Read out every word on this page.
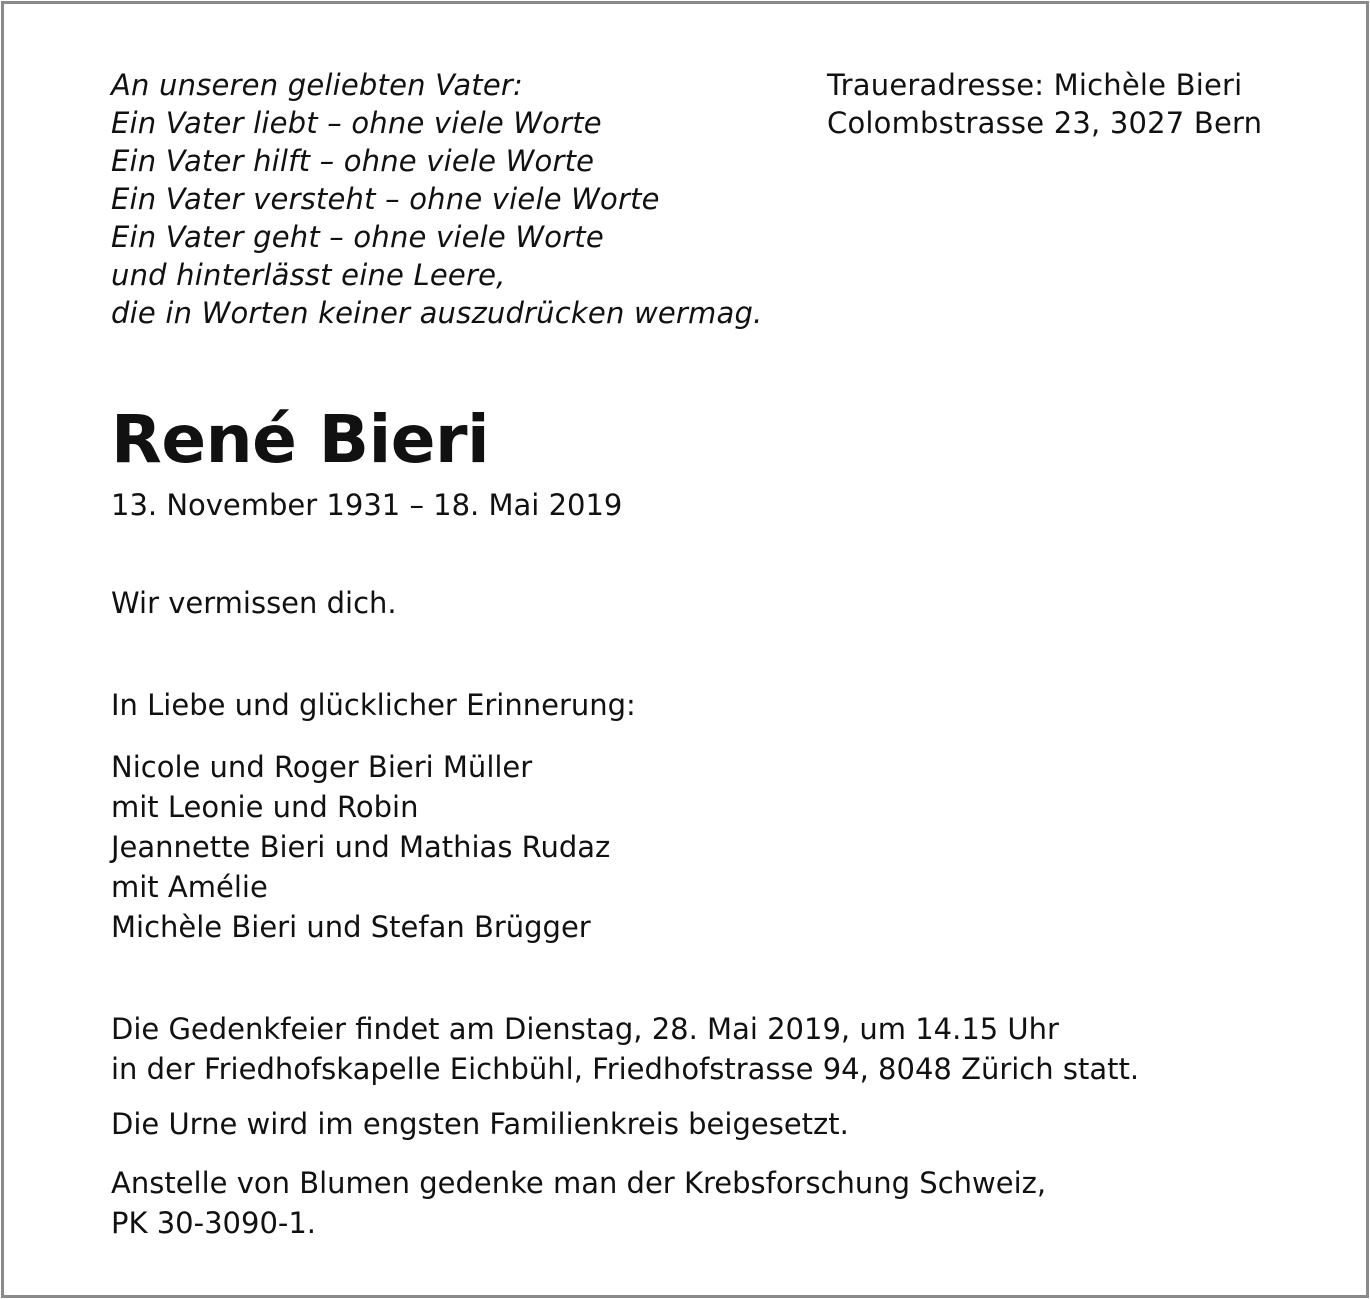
An unseren geliebten Vater:
Ein Vater liebt – ohne viele Worte
Ein Vater hilft – ohne viele Worte
Ein Vater versteht – ohne viele Worte
Ein Vater geht – ohne viele Worte
und hinterlässt eine Leere,
die in Worten keiner auszudrücken wermag.
Traueradresse: Michèle Bieri
Colombstrasse 23, 3027 Bern
René Bieri
13. November 1931 – 18. Mai 2019
Wir vermissen dich.
In Liebe und glücklicher Erinnerung:
Nicole und Roger Bieri Müller
mit Leonie und Robin
Jeannette Bieri und Mathias Rudaz
mit Amélie
Michèle Bieri und Stefan Brügger
Die Gedenkfeier findet am Dienstag, 28. Mai 2019, um 14.15 Uhr
in der Friedhofskapelle Eichbühl, Friedhofstrasse 94, 8048 Zürich statt.
Die Urne wird im engsten Familienkreis beigesetzt.
Anstelle von Blumen gedenke man der Krebsforschung Schweiz,
PK 30-3090-1.
